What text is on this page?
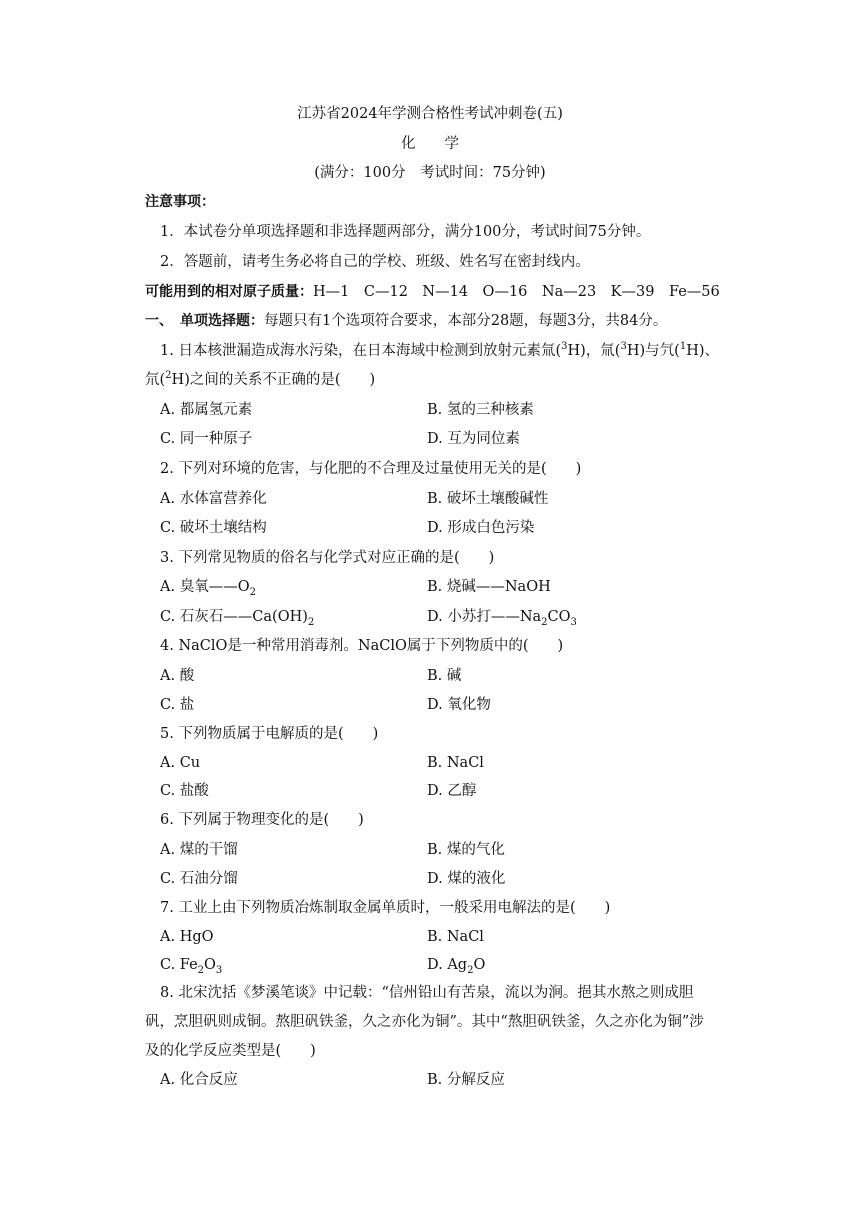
江苏省2024年学测合格性考试冲刺卷(五)
化　　学
(满分：100分　考试时间：75分钟)
注意事项：
1．本试卷分单项选择题和非选择题两部分，满分100分，考试时间75分钟。
2．答题前，请考生务必将自己的学校、班级、姓名写在密封线内。
可能用到的相对原子质量：H—1　C—12　N—14　O—16　Na—23　K—39　Fe—56
一、　单项选择题：每题只有1个选项符合要求，本部分28题，每题3分，共84分。
1. 日本核泄漏造成海水污染，在日本海域中检测到放射元素氚($^3$H)，氚($^3$H)与氕($^1$H)、
氘($^2$H)之间的关系不正确的是(　　)
A. 都属氢元素	B. 氢的三种核素
C. 同一种原子	D. 互为同位素
2. 下列对环境的危害，与化肥的不合理及过量使用无关的是(　　)
A. 水体富营养化	B. 破坏土壤酸碱性
C. 破坏土壤结构	D. 形成白色污染
3. 下列常见物质的俗名与化学式对应正确的是(　　)
A. 臭氧$——O_2$	B. 烧碱——NaOH
C. 石灰石$——Ca(OH)_2$	D. 小苏打$——Na_2CO_3$
4. NaClO是一种常用消毒剂。NaClO属于下列物质中的(　　)
A. 酸	B. 碱
C. 盐	D. 氧化物
5. 下列物质属于电解质的是(　　)
A. Cu	B. NaCl
C. 盐酸	D. 乙醇
6. 下列属于物理变化的是(　　)
A. 煤的干馏	B. 煤的气化
C. 石油分馏	D. 煤的液化
7. 工业上由下列物质冶炼制取金属单质时，一般采用电解法的是(　　)
A. HgO	B. NaCl
C. $Fe_2O_3$	D. $Ag_2O$
8. 北宋沈括《梦溪笔谈》中记载：“信州铅山有苦泉，流以为涧。挹其水熬之则成胆
矾，烹胆矾则成铜。熬胆矾铁釜，久之亦化为铜”。其中“熬胆矾铁釜，久之亦化为铜”涉
及的化学反应类型是(　　)
A. 化合反应	B. 分解反应
